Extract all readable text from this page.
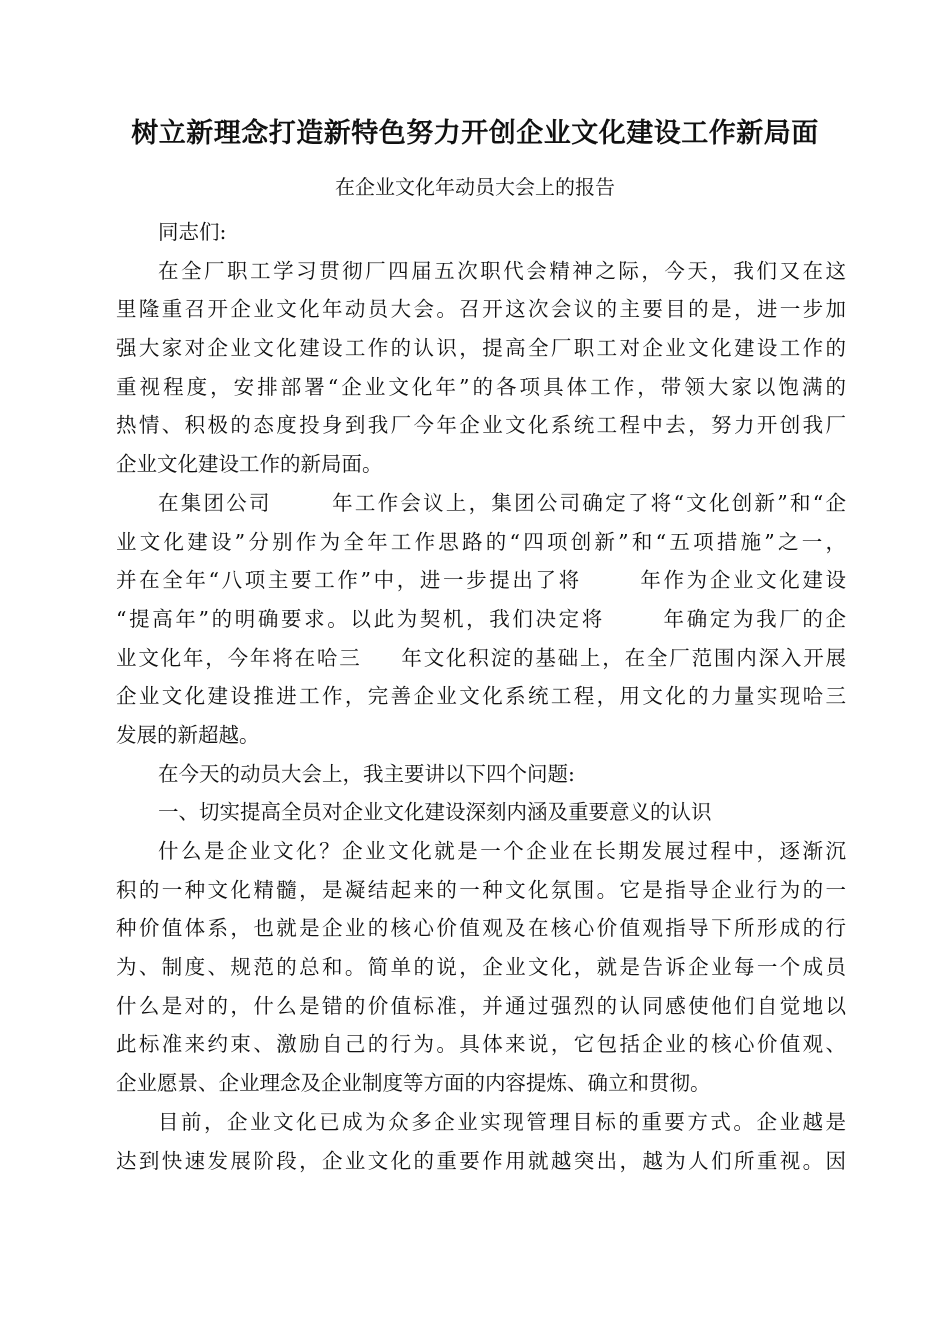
树立新理念打造新特色努力开创企业文化建设工作新局面
在企业文化年动员大会上的报告
同志们:
在全厂职工学习贯彻厂四届五次职代会精神之际，今天，我们又在这
里隆重召开企业文化年动员大会。召开这次会议的主要目的是，进一步加
强大家对企业文化建设工作的认识，提高全厂职工对企业文化建设工作的
重视程度，安排部署“企业文化年”的各项具体工作，带领大家以饱满的
热情、积极的态度投身到我厂今年企业文化系统工程中去，努力开创我厂
企业文化建设工作的新局面。
在集团公司	年工作会议上，集团公司确定了将“文化创新”和“企
业文化建设”分别作为全年工作思路的“四项创新”和“五项措施”之一，
并在全年“八项主要工作”中，进一步提出了将	年作为企业文化建设
“提高年”的明确要求。以此为契机，我们决定将	年确定为我厂的企
业文化年，今年将在哈三 年文化积淀的基础上，在全厂范围内深入开展
企业文化建设推进工作，完善企业文化系统工程，用文化的力量实现哈三
发展的新超越。
在今天的动员大会上，我主要讲以下四个问题:
一、切实提高全员对企业文化建设深刻内涵及重要意义的认识
什么是企业文化？企业文化就是一个企业在长期发展过程中，逐渐沉
积的一种文化精髓，是凝结起来的一种文化氛围。它是指导企业行为的一
种价值体系，也就是企业的核心价值观及在核心价值观指导下所形成的行
为、制度、规范的总和。简单的说，企业文化，就是告诉企业每一个成员
什么是对的，什么是错的价值标准，并通过强烈的认同感使他们自觉地以
此标准来约束、激励自己的行为。具体来说，它包括企业的核心价值观、
企业愿景、企业理念及企业制度等方面的内容提炼、确立和贯彻。
目前，企业文化已成为众多企业实现管理目标的重要方式。企业越是
达到快速发展阶段，企业文化的重要作用就越突出，越为人们所重视。因
